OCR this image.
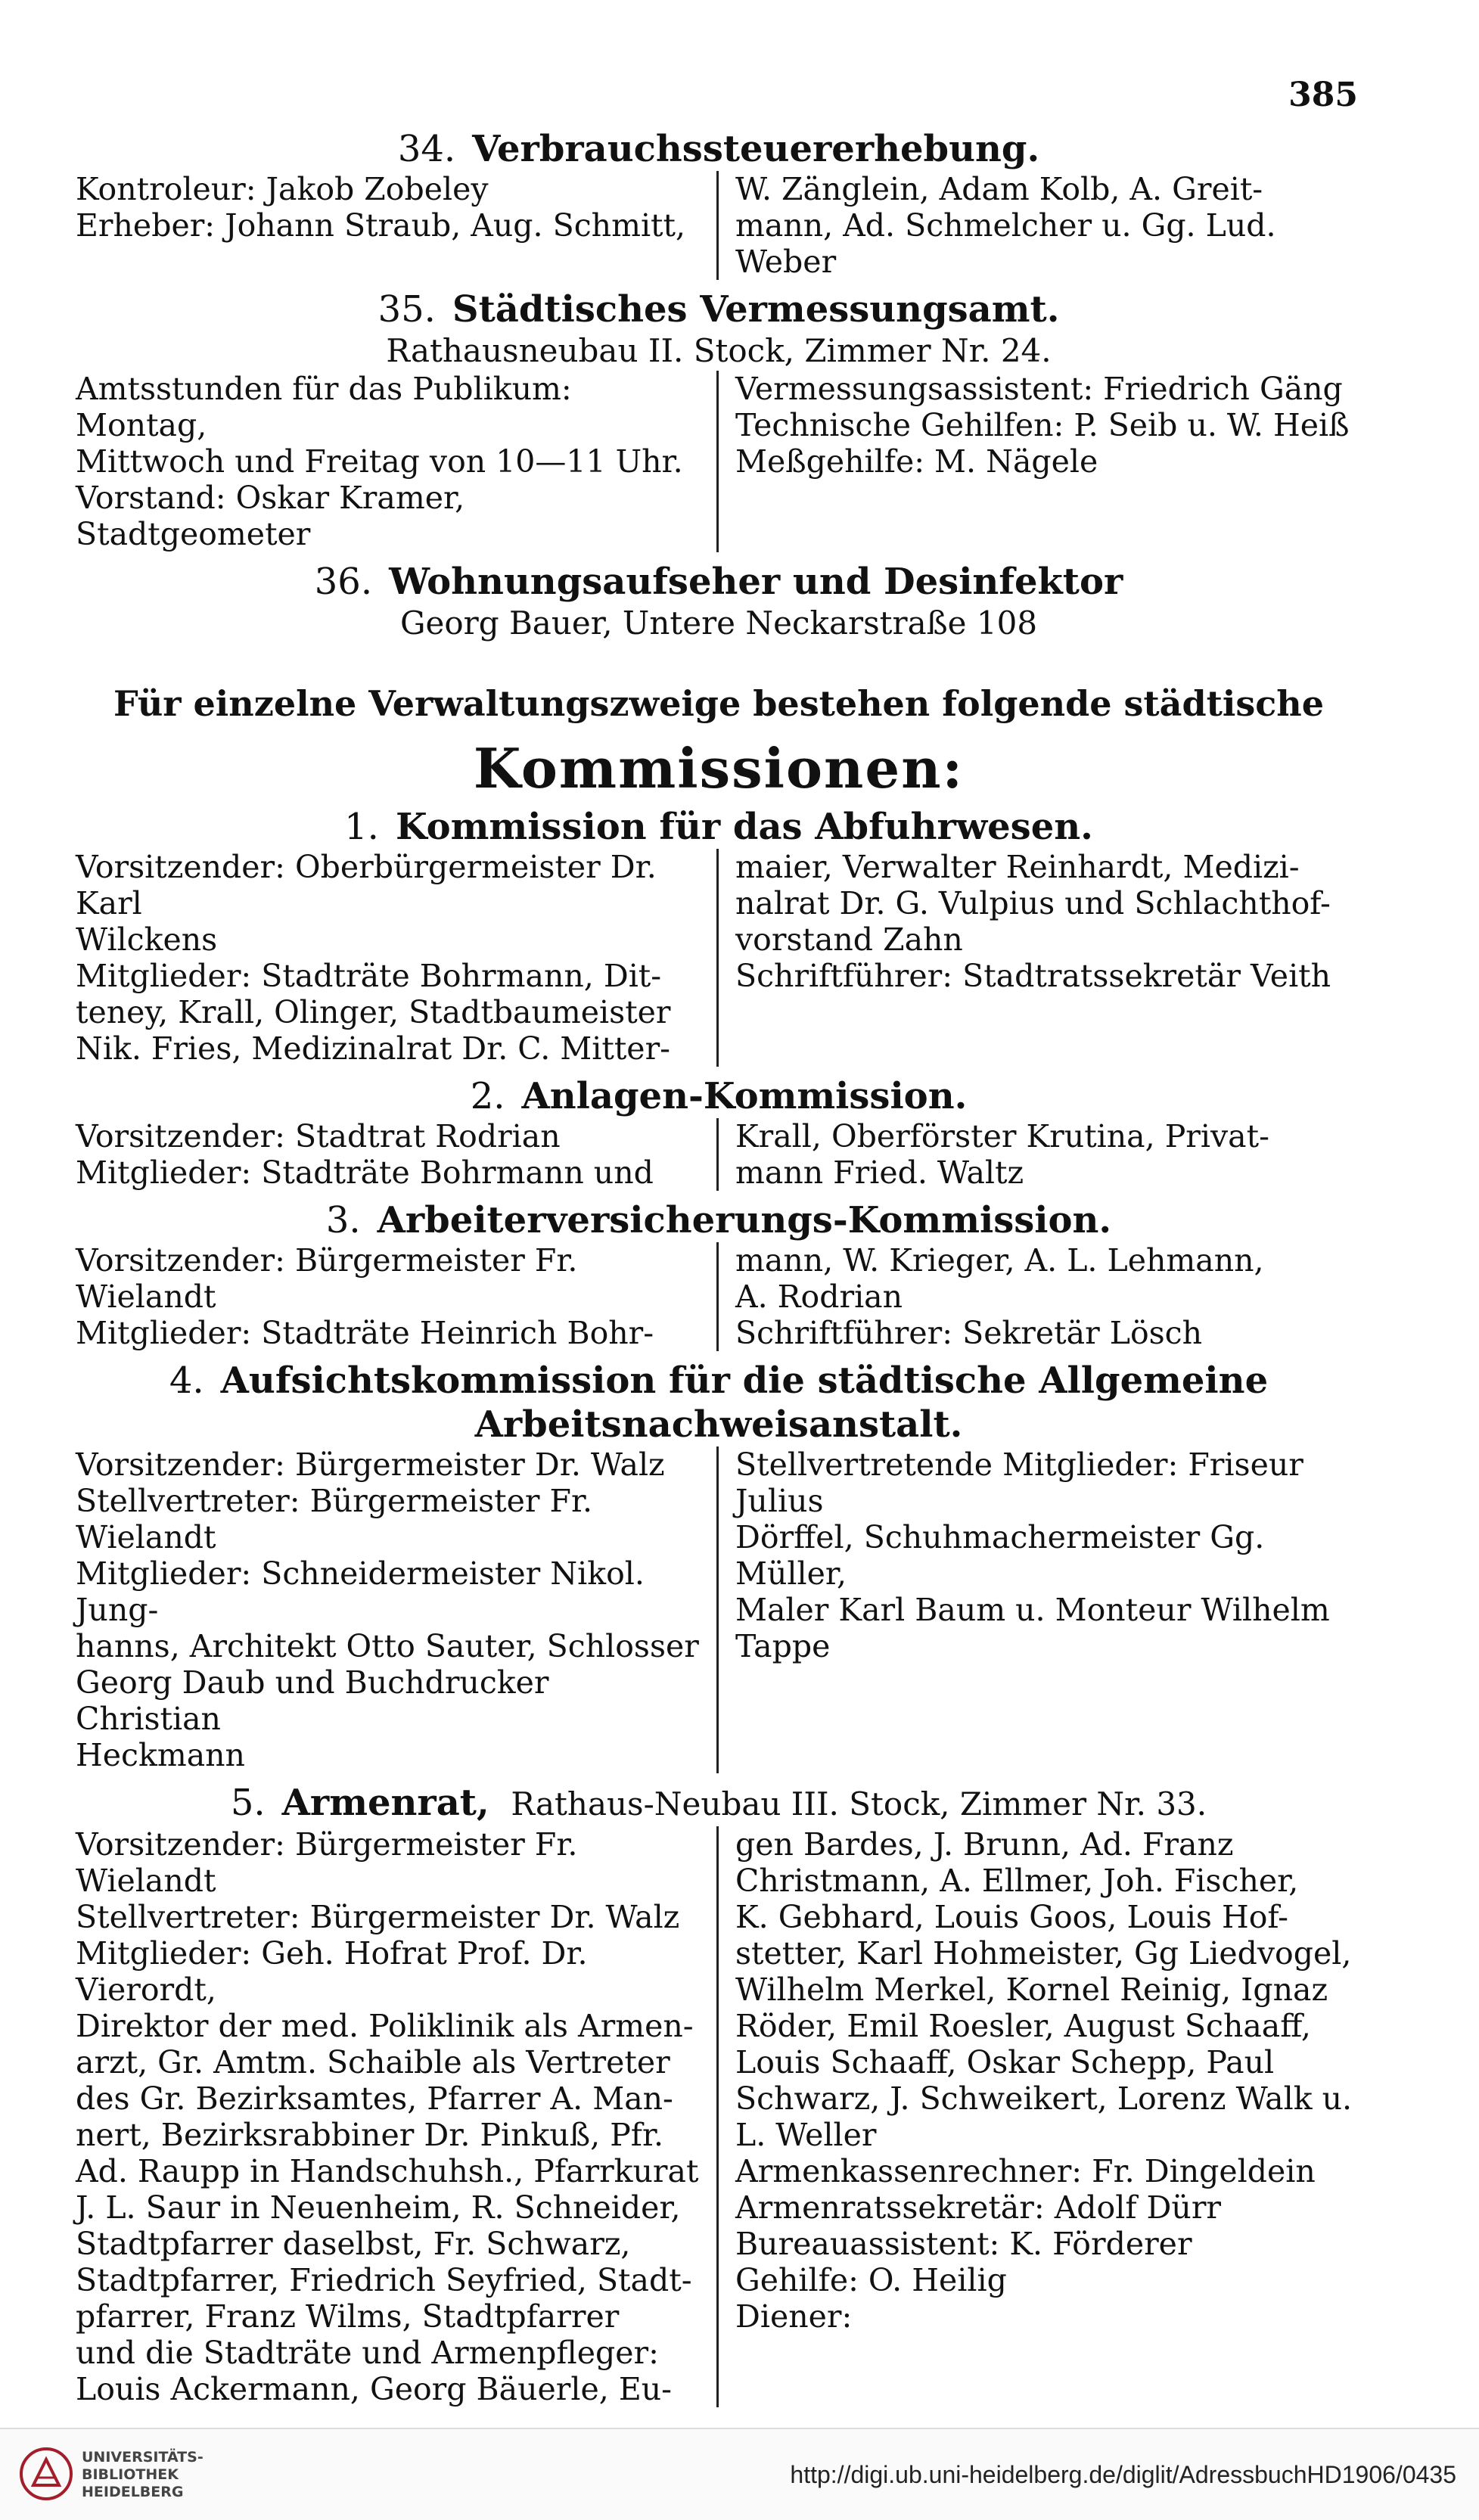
385
34. Verbrauchssteuererhebung.

Kontroleur: Jakob Zobeley

Erheber: Johann Straub, Aug. Schmitt,

W. Zänglein, Adam Kolb, A. Greit-

mann, Ad. Schmelcher u. Gg. Lud. Weber

35. Städtisches Vermessungsamt.

Rathausneubau II. Stock, Zimmer Nr. 24.

Amtsstunden für das Publikum: Montag,

Mittwoch und Freitag von 10—11 Uhr.

Vorstand: Oskar Kramer, Stadtgeometer

Vermessungsassistent: Friedrich Gäng

Technische Gehilfen: P. Seib u. W. Heiß

Meßgehilfe: M. Nägele

36. Wohnungsaufseher und Desinfektor

Georg Bauer, Untere Neckarstraße 108

Für einzelne Verwaltungszweige bestehen folgende städtische

Kommissionen:

1. Kommission für das Abfuhrwesen.

Vorsitzender: Oberbürgermeister Dr. Karl

Wilckens

Mitglieder: Stadträte Bohrmann, Dit-

teney, Krall, Olinger, Stadtbaumeister

Nik. Fries, Medizinalrat Dr. C. Mitter-

maier, Verwalter Reinhardt, Medizi-

nalrat Dr. G. Vulpius und Schlachthof-

vorstand Zahn

Schriftführer: Stadtratssekretär Veith

2. Anlagen-Kommission.

Vorsitzender: Stadtrat Rodrian

Mitglieder: Stadträte Bohrmann und

Krall, Oberförster Krutina, Privat-

mann Fried. Waltz

3. Arbeiterversicherungs-Kommission.

Vorsitzender: Bürgermeister Fr. Wielandt

Mitglieder: Stadträte Heinrich Bohr-

mann, W. Krieger, A. L. Lehmann,

A. Rodrian

Schriftführer: Sekretär Lösch

4. Aufsichtskommission für die städtische Allgemeine
Arbeitsnachweisanstalt.

Vorsitzender: Bürgermeister Dr. Walz

Stellvertreter: Bürgermeister Fr. Wielandt

Mitglieder: Schneidermeister Nikol. Jung-

hanns, Architekt Otto Sauter, Schlosser

Georg Daub und Buchdrucker Christian

Heckmann

Stellvertretende Mitglieder: Friseur Julius

Dörffel, Schuhmachermeister Gg. Müller,

Maler Karl Baum u. Monteur Wilhelm

Tappe

5. Armenrat, Rathaus-Neubau III. Stock, Zimmer Nr. 33.

Vorsitzender: Bürgermeister Fr. Wielandt

Stellvertreter: Bürgermeister Dr. Walz

Mitglieder: Geh. Hofrat Prof. Dr. Vierordt,

Direktor der med. Poliklinik als Armen-

arzt, Gr. Amtm. Schaible als Vertreter

des Gr. Bezirksamtes, Pfarrer A. Man-

nert, Bezirksrabbiner Dr. Pinkuß, Pfr.

Ad. Raupp in Handschuhsh., Pfarrkurat

J. L. Saur in Neuenheim, R. Schneider,

Stadtpfarrer daselbst, Fr. Schwarz,

Stadtpfarrer, Friedrich Seyfried, Stadt-

pfarrer, Franz Wilms, Stadtpfarrer

und die Stadträte und Armenpfleger:

Louis Ackermann, Georg Bäuerle, Eu-

gen Bardes, J. Brunn, Ad. Franz

Christmann, A. Ellmer, Joh. Fischer,

K. Gebhard, Louis Goos, Louis Hof-

stetter, Karl Hohmeister, Gg Liedvogel,

Wilhelm Merkel, Kornel Reinig, Ignaz

Röder, Emil Roesler, August Schaaff,

Louis Schaaff, Oskar Schepp, Paul

Schwarz, J. Schweikert, Lorenz Walk u.

L. Weller

Armenkassenrechner: Fr. Dingeldein

Armenratssekretär: Adolf Dürr

Bureauassistent: K. Förderer

Gehilfe: O. Heilig

Diener:

UNIVERSITÄTS-
BIBLIOTHEK
HEIDELBERG
http://digi.ub.uni-heidelberg.de/diglit/AdressbuchHD1906/0435
